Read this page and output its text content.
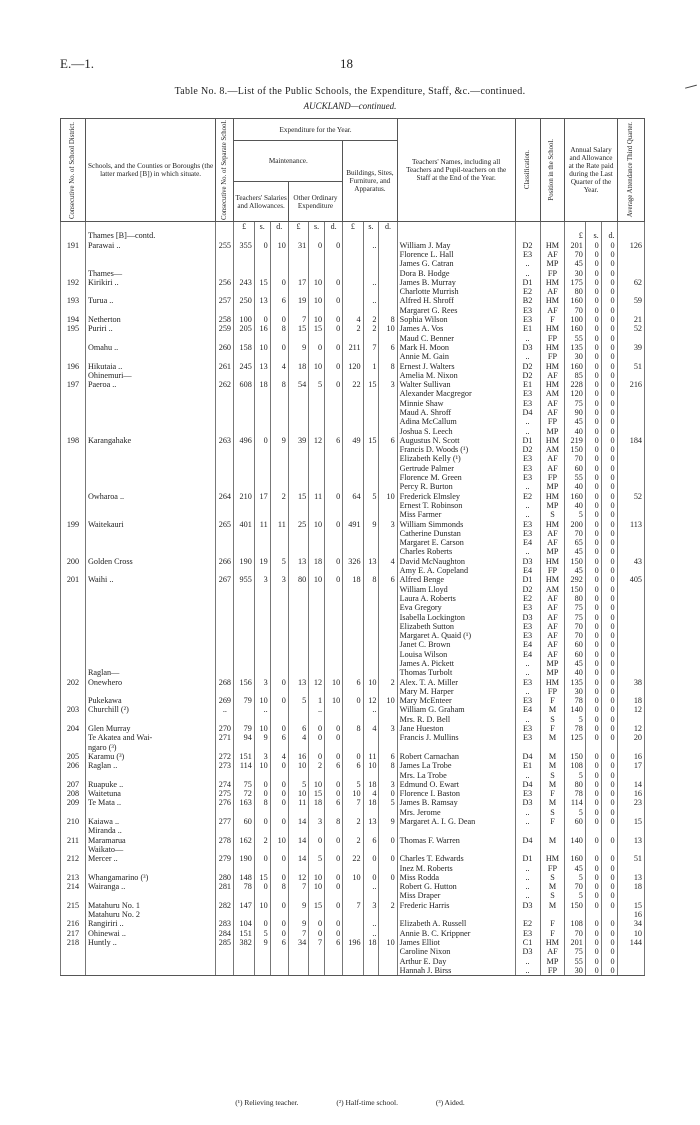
E.—1.	18
Table No. 8.—List of the Public Schools, the Expenditure, Staff, &c.—continued.
AUCKLAND—continued.
Consecutive No. of School District.	Schools, and the Counties or Boroughs (the latter marked [B]) in which situate.	Consecutive No. of Separate School.	Expenditure for the Year.									Teachers' Names, including all Teachers and Pupil-teachers on the Staff at the End of the Year.	Classification.	Position in the School.	Annual Salary and Allowance at the Rate paid during the Last Quarter of the Year.			Average Attendance Third Quarter.

			Maintenance.						Buildings, Sites, Furniture, and Apparatus.									
			Teachers' Salaries and Allowances.			Other Ordinary Expenditure												
			£	s.	d.	£	s.	d.	£	s.	d.							
	Thames [B]—contd.														£	s.	d.	
191	Parawai ..	255	355	0	10	31	0	0		..		William J. May	D2	HM	201	0	0	126
												Florence L. Hall	E3	AF	70	0	0	
												James G. Catran	..	MP	45	0	0	
	Thames—											Dora B. Hodge	..	FP	30	0	0	
192	Kirikiri ..	256	243	15	0	17	10	0		..		James B. Murray	D1	HM	175	0	0	62
												Charlotte Murrish	E2	AF	80	0	0	
193	Turua ..	257	250	13	6	19	10	0		..		Alfred H. Shroff	B2	HM	160	0	0	59
												Margaret G. Rees	E3	AF	70	0	0	
194	Netherton	258	100	0	0	7	10	0	4	2	8	Sophia Wilson	E3	F	100	0	0	21
195	Puriri ..	259	205	16	8	15	15	0	2	2	10	James A. Vos	E1	HM	160	0	0	52
												Maud C. Benner	..	FP	55	0	0	
	Omahu ..	260	158	10	0	9	0	0	211	7	6	Mark H. Moon	D3	HM	135	0	0	39
												Annie M. Gain	..	FP	30	0	0	
196	Hikutaia ..	261	245	13	4	18	10	0	120	1	8	Ernest J. Walters	D2	HM	160	0	0	51
	Ohinemuri—											Amelia M. Nixon	D2	AF	85	0	0	
197	Paeroa ..	262	608	18	8	54	5	0	22	15	3	Walter Sullivan	E1	HM	228	0	0	216
												Alexander Macgregor	E3	AM	120	0	0	
												Minnie Shaw	E3	AF	75	0	0	
												Maud A. Shroff	D4	AF	90	0	0	
												Adina McCallum	..	FP	45	0	0	
												Joshua S. Leech	..	MP	40	0	0	
198	Karangahake	263	496	0	9	39	12	6	49	15	6	Augustus N. Scott	D1	HM	219	0	0	184
												Francis D. Woods (¹)	D2	AM	150	0	0	
												Elizabeth Kelly (¹)	E3	AF	70	0	0	
												Gertrude Palmer	E3	AF	60	0	0	
												Florence M. Green	E3	FP	55	0	0	
												Percy R. Burton	..	MP	40	0	0	
	Owharoa ..	264	210	17	2	15	11	0	64	5	10	Frederick Elmsley	E2	HM	160	0	0	52
												Ernest T. Robinson	..	MP	40	0	0	
												Miss Farmer	..	S	5	0	0	
199	Waitekauri	265	401	11	11	25	10	0	491	9	3	William Simmonds	E3	HM	200	0	0	113
												Catherine Dunstan	E3	AF	70	0	0	
												Margaret E. Carson	E4	AF	65	0	0	
												Charles Roberts	..	MP	45	0	0	
200	Golden Cross	266	190	19	5	13	18	0	326	13	4	David McNaughton	D3	HM	150	0	0	43
												Amy E. A. Copeland	E4	FP	45	0	0	
201	Waihi ..	267	955	3	3	80	10	0	18	8	6	Alfred Benge	D1	HM	292	0	0	405
												William Lloyd	D2	AM	150	0	0	
												Laura A. Roberts	E2	AF	80	0	0	
												Eva Gregory	E3	AF	75	0	0	
												Isabella Lockington	D3	AF	75	0	0	
												Elizabeth Sutton	E3	AF	70	0	0	
												Margaret A. Quaid (¹)	E3	AF	70	0	0	
												Janet C. Brown	E4	AF	60	0	0	
												Louisa Wilson	E4	AF	60	0	0	
												James A. Pickett	..	MP	45	0	0	
	Raglan—											Thomas Turbolt	..	MP	40	0	0	
202	Onewhero	268	156	3	0	13	12	10	6	10	2	Alex. T. A. Miller	E3	HM	135	0	0	38
												Mary M. Harper	..	FP	30	0	0	
	Pukekawa	269	79	10	0	5	1	10	0	12	10	Mary McEnteer	E3	F	78	0	0	18
203	Churchill (²)	..		..			..			..		William G. Graham	E4	M	140	0	0	12
												Mrs. R. D. Bell	..	S	5	0	0	
204	Glen Murray	270	79	10	0	6	0	0	8	4	3	Jane Hueston	E3	F	78	0	0	12
	Te Akatea and Wai-	271	94	9	6	4	0	0				Francis J. Mullins	E3	M	125	0	0	20
	ngaro (³)																	
205	Karamu (³)	272	151	3	4	16	0	0	0	11	6	Robert Carnachan	D4	M	150	0	0	16
206	Raglan ..	273	114	10	0	10	2	6	6	10	8	James La Trobe	E1	M	108	0	0	17
												Mrs. La Trobe	..	S	5	0	0	
207	Ruapuke ..	274	75	0	0	5	10	0	5	18	3	Edmund O. Ewart	D4	M	80	0	0	14
208	Waitetuna	275	72	0	0	10	15	0	10	4	0	Florence I. Baston	E3	F	78	0	0	16
209	Te Mata ..	276	163	8	0	11	18	6	7	18	5	James B. Ramsay	D3	M	114	0	0	23
												Mrs. Jerome	..	S	5	0	0	
210	Kaiawa ..	277	60	0	0	14	3	8	2	13	9	Margaret A. I. G. Dean	..	F	60	0	0	15
	Miranda ..																	
211	Maramarua	278	162	2	10	14	0	0	2	6	0	Thomas F. Warren	D4	M	140	0	0	13
	Waikato—																	
212	Mercer ..	279	190	0	0	14	5	0	22	0	0	Charles T. Edwards	D1	HM	160	0	0	51
												Inez M. Roberts	..	FP	45	0	0	
213	Whangamarino (³)	280	148	15	0	12	10	0	10	0	0	Miss Rodda	..	S	5	0	0	13
214	Wairanga ..	281	78	0	8	7	10	0		..		Robert G. Hutton	..	M	70	0	0	18
												Miss Draper	..	S	5	0	0	
215	Matahuru No. 1	282	147	10	0	9	15	0	7	3	2	Frederic Harris	D3	M	150	0	0	15
	Matahuru No. 2																	16
216	Rangiriri ..	283	104	0	0	9	0	0		..		Elizabeth A. Russell	E2	F	108	0	0	34
217	Ohinewai ..	284	151	5	0	7	0	0		..		Annie B. C. Krippner	E3	F	70	0	0	10
218	Huntly ..	285	382	9	6	34	7	6	196	18	10	James Elliot	C1	HM	201	0	0	144
												Caroline Nixon	D3	AF	75	0	0	
												Arthur E. Day	..	MP	55	0	0	
												Hannah J. Birss	..	FP	30	0	0	
(¹) Relieving teacher.	(²) Half-time school.	(³) Aided.
